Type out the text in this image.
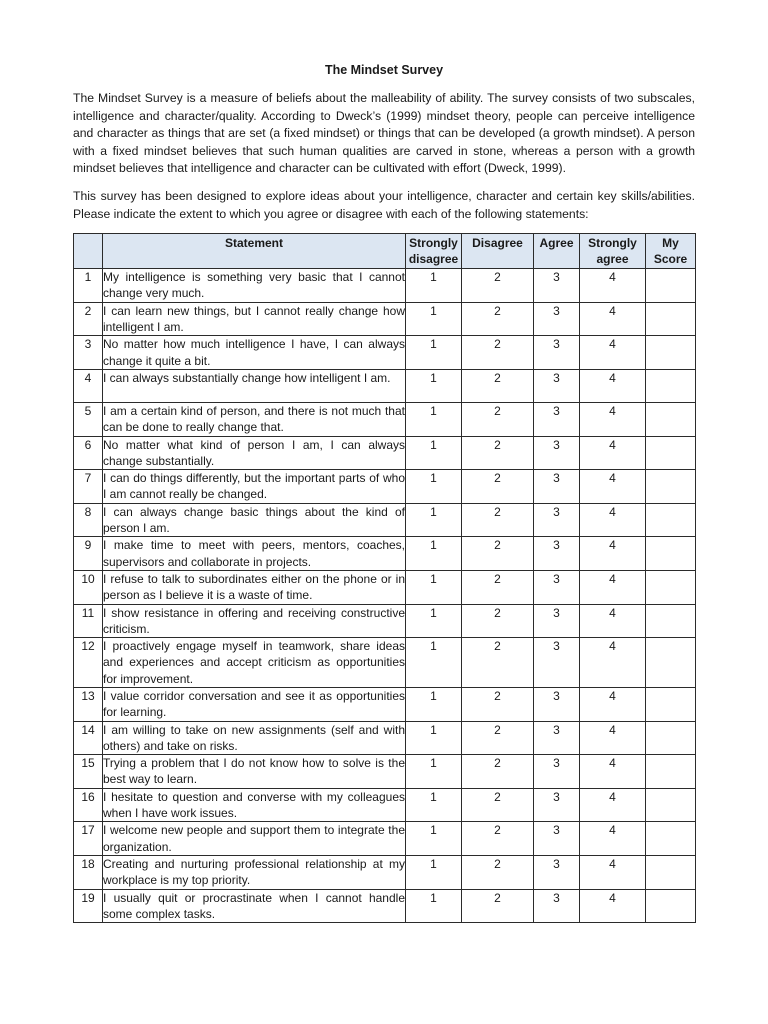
The Mindset Survey

The Mindset Survey is a measure of beliefs about the malleability of ability. The survey consists of two subscales, intelligence and character/quality. According to Dweck’s (1999) mindset theory, people can perceive intelligence and character as things that are set (a fixed mindset) or things that can be developed (a growth mindset). A person with a fixed mindset believes that such human qualities are carved in stone, whereas a person with a growth mindset believes that intelligence and character can be cultivated with effort (Dweck, 1999).

This survey has been designed to explore ideas about your intelligence, character and certain key skills/abilities. Please indicate the extent to which you agree or disagree with each of the following statements:

	Statement	Strongly disagree	Disagree	Agree	Strongly agree	My Score
1	My intelligence is something very basic that I cannot change very much.	1	2	3	4	
2	I can learn new things, but I cannot really change how intelligent I am.	1	2	3	4	
3	No matter how much intelligence I have, I can always change it quite a bit.	1	2	3	4	
4	I can always substantially change how intelligent I am.	1	2	3	4	
5	I am a certain kind of person, and there is not much that can be done to really change that.	1	2	3	4	
6	No matter what kind of person I am, I can always change substantially.	1	2	3	4	
7	I can do things differently, but the important parts of who I am cannot really be changed.	1	2	3	4	
8	I can always change basic things about the kind of person I am.	1	2	3	4	
9	I make time to meet with peers, mentors, coaches, supervisors and collaborate in projects.	1	2	3	4	
10	I refuse to talk to subordinates either on the phone or in person as I believe it is a waste of time.	1	2	3	4	
11	I show resistance in offering and receiving constructive criticism.	1	2	3	4	
12	I proactively engage myself in teamwork, share ideas and experiences and accept criticism as opportunities for improvement.	1	2	3	4	
13	I value corridor conversation and see it as opportunities for learning.	1	2	3	4	
14	I am willing to take on new assignments (self and with others) and take on risks.	1	2	3	4	
15	Trying a problem that I do not know how to solve is the best way to learn.	1	2	3	4	
16	I hesitate to question and converse with my colleagues when I have work issues.	1	2	3	4	
17	I welcome new people and support them to integrate the organization.	1	2	3	4	
18	Creating and nurturing professional relationship at my workplace is my top priority.	1	2	3	4	
19	I usually quit or procrastinate when I cannot handle some complex tasks.	1	2	3	4	
